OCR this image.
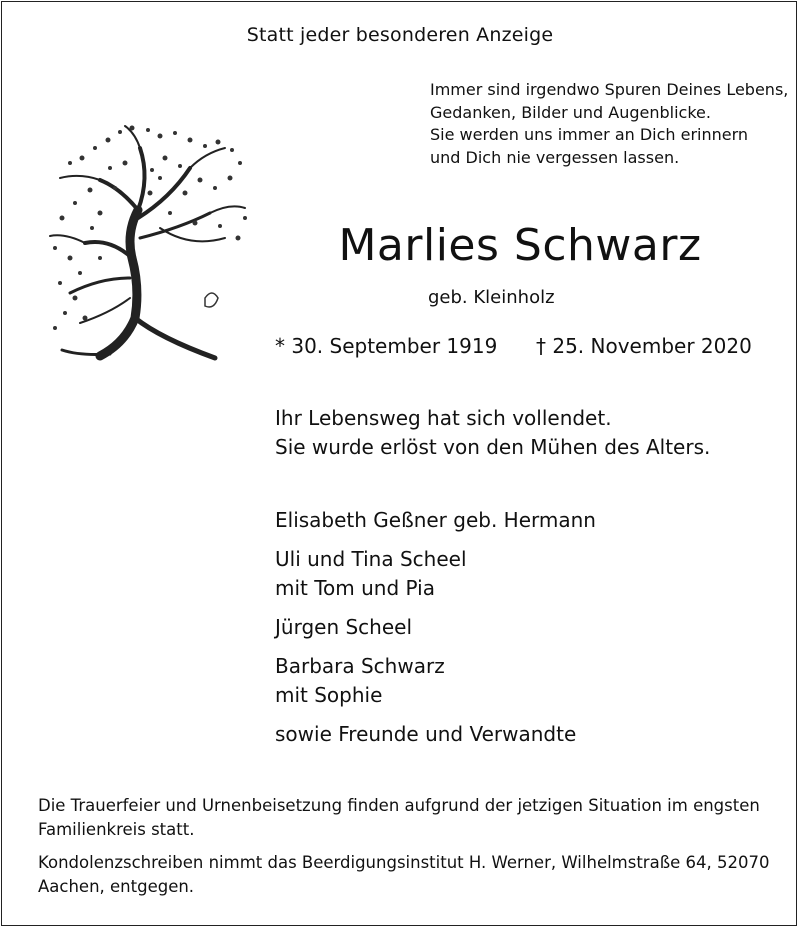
Statt jeder besonderen Anzeige
Immer sind irgendwo Spuren Deines Lebens,
Gedanken, Bilder und Augenblicke.
Sie werden uns immer an Dich erinnern
und Dich nie vergessen lassen.
Marlies Schwarz
geb. Kleinholz
* 30. September 1919 † 25. November 2020
Ihr Lebensweg hat sich vollendet.
Sie wurde erlöst von den Mühen des Alters.
Elisabeth Geßner geb. Hermann
Uli und Tina Scheel
mit Tom und Pia
Jürgen Scheel
Barbara Schwarz
mit Sophie
sowie Freunde und Verwandte

Die Trauerfeier und Urnenbeisetzung finden aufgrund der jetzigen Situation im engsten Familienkreis statt.

Kondolenzschreiben nimmt das Beerdigungsinstitut H. Werner, Wilhelmstraße 64, 52070 Aachen, entgegen.
